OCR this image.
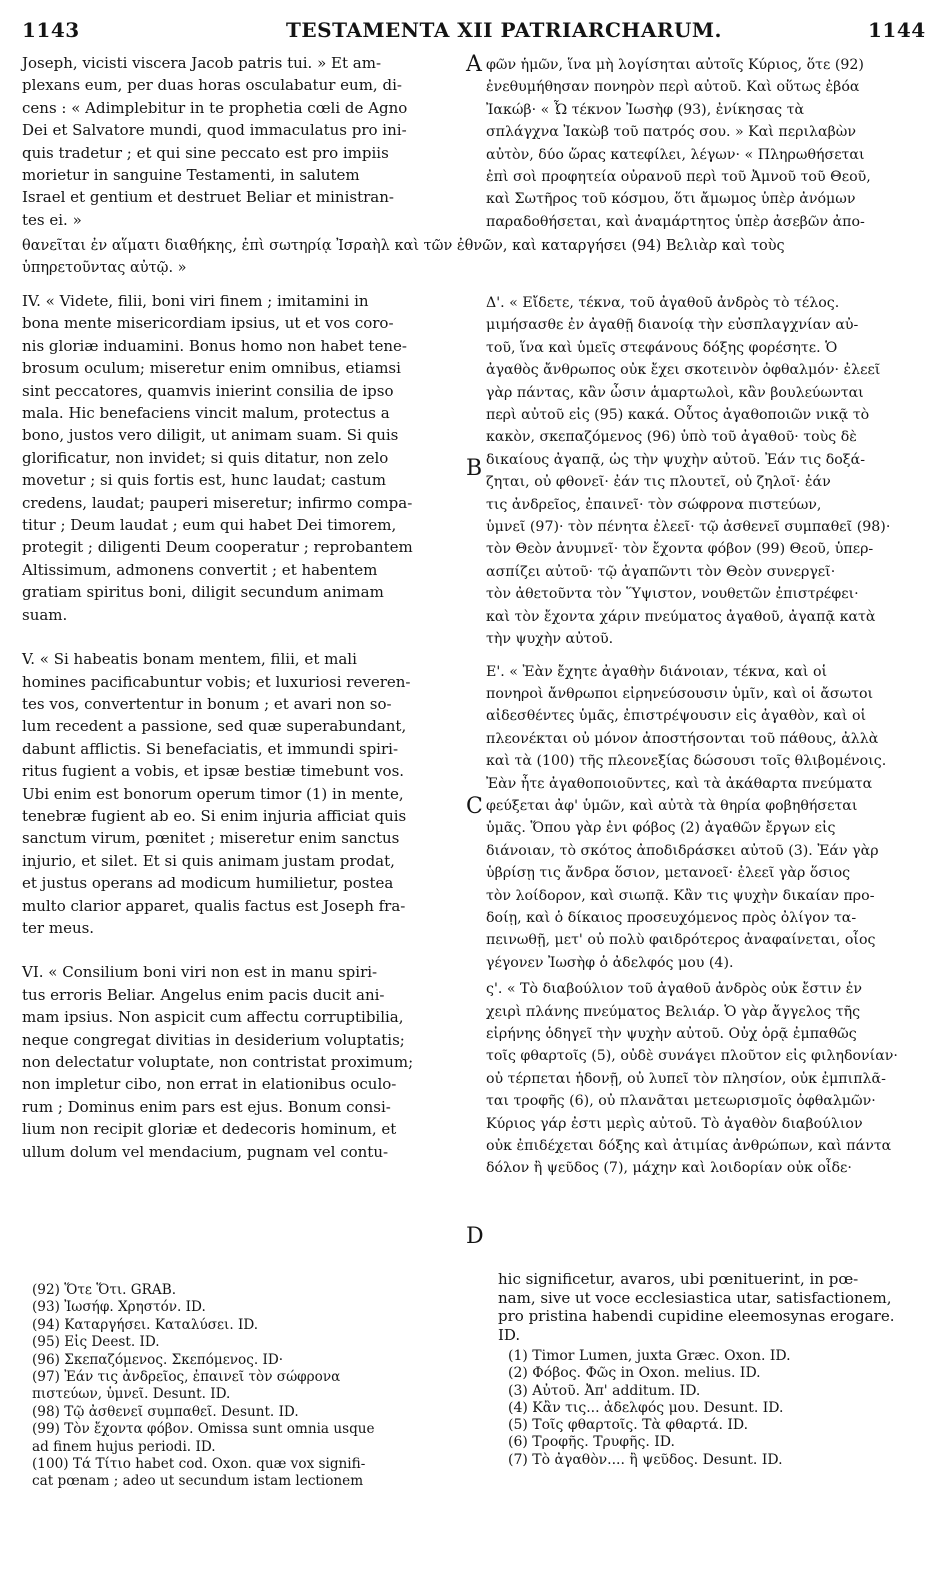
1143	TESTAMENTA XII PATRIARCHARUM.	1144
A
B
C
D

Joseph, vicisti viscera Jacob patris tui. » Et am-

plexans eum, per duas horas osculabatur eum, di-

cens : « Adimplebitur in te prophetia cœli de Agno

Dei et Salvatore mundi, quod immaculatus pro ini-

quis tradetur ; et qui sine peccato est pro impiis

morietur in sanguine Testamenti, in salutem

Israel et gentium et destruet Beliar et ministran-

tes ei. »

φῶν ἡμῶν, ἵνα μὴ λογίσηται αὐτοῖς Κύριος, ὅτε (92)

ἐνεθυμήθησαν πονηρὸν περὶ αὐτοῦ. Καὶ οὕτως ἐβόα

Ἰακώβ· « Ὦ τέκνον Ἰωσὴφ (93), ἐνίκησας τὰ

σπλάγχνα Ἰακὼβ τοῦ πατρός σου. » Καὶ περιλαβὼν

αὐτὸν, δύο ὥρας κατεφίλει, λέγων· « Πληρωθήσεται

ἐπὶ σοὶ προφητεία οὐρανοῦ περὶ τοῦ Ἀμνοῦ τοῦ Θεοῦ,

καὶ Σωτῆρος τοῦ κόσμου, ὅτι ἄμωμος ὑπὲρ ἀνόμων

παραδοθήσεται, καὶ ἀναμάρτητος ὑπὲρ ἀσεβῶν ἀπο-

θανεῖται ἐν αἵματι διαθήκης, ἐπὶ σωτηρίᾳ Ἰσραὴλ καὶ τῶν ἐθνῶν, καὶ καταργήσει (94) Βελιὰρ καὶ τοὺς
ὑπηρετοῦντας αὐτῷ. »

IV. « Videte, filii, boni viri finem ; imitamini in

bona mente misericordiam ipsius, ut et vos coro-

nis gloriæ induamini. Bonus homo non habet tene-

brosum oculum; miseretur enim omnibus, etiamsi

sint peccatores, quamvis inierint consilia de ipso

mala. Hic benefaciens vincit malum, protectus a

bono, justos vero diligit, ut animam suam. Si quis

glorificatur, non invidet; si quis ditatur, non zelo

movetur ; si quis fortis est, hunc laudat; castum

credens, laudat; pauperi miseretur; infirmo compa-

titur ; Deum laudat ; eum qui habet Dei timorem,

protegit ; diligenti Deum cooperatur ; reprobantem

Altissimum, admonens convertit ; et habentem

gratiam spiritus boni, diligit secundum animam

suam.

V. « Si habeatis bonam mentem, filii, et mali

homines pacificabuntur vobis; et luxuriosi reveren-

tes vos, convertentur in bonum ; et avari non so-

lum recedent a passione, sed quæ superabundant,

dabunt afflictis. Si benefaciatis, et immundi spiri-

ritus fugient a vobis, et ipsæ bestiæ timebunt vos.

Ubi enim est bonorum operum timor (1) in mente,

tenebræ fugient ab eo. Si enim injuria afficiat quis

sanctum virum, pœnitet ; miseretur enim sanctus

injurio, et silet. Et si quis animam justam prodat,

et justus operans ad modicum humilietur, postea

multo clarior apparet, qualis factus est Joseph fra-

ter meus.

VI. « Consilium boni viri non est in manu spiri-

tus erroris Beliar. Angelus enim pacis ducit ani-

mam ipsius. Non aspicit cum affectu corruptibilia,

neque congregat divitias in desiderium voluptatis;

non delectatur voluptate, non contristat proximum;

non impletur cibo, non errat in elationibus oculo-

rum ; Dominus enim pars est ejus. Bonum consi-

lium non recipit gloriæ et dedecoris hominum, et

ullum dolum vel mendacium, pugnam vel contu-

Δ'. « Εἴδετε, τέκνα, τοῦ ἀγαθοῦ ἀνδρὸς τὸ τέλος.

μιμήσασθε ἐν ἀγαθῇ διανοίᾳ τὴν εὐσπλαγχνίαν αὐ-

τοῦ, ἵνα καὶ ὑμεῖς στεφάνους δόξης φορέσητε. Ὁ

ἀγαθὸς ἄνθρωπος οὐκ ἔχει σκοτεινὸν ὀφθαλμόν· ἐλεεῖ

γὰρ πάντας, κἂν ὦσιν ἁμαρτωλοὶ, κἂν βουλεύωνται

περὶ αὐτοῦ εἰς (95) κακά. Οὗτος ἀγαθοποιῶν νικᾷ τὸ

κακὸν, σκεπαζόμενος (96) ὑπὸ τοῦ ἀγαθοῦ· τοὺς δὲ

δικαίους ἀγαπᾷ, ὡς τὴν ψυχὴν αὐτοῦ. Ἐάν τις δοξά-

ζηται, οὐ φθονεῖ· ἐάν τις πλουτεῖ, οὐ ζηλοῖ· ἐάν

τις ἀνδρεῖος, ἐπαινεῖ· τὸν σώφρονα πιστεύων,

ὑμνεῖ (97)· τὸν πένητα ἐλεεῖ· τῷ ἀσθενεῖ συμπαθεῖ (98)·

τὸν Θεὸν ἀνυμνεῖ· τὸν ἔχοντα φόβον (99) Θεοῦ, ὑπερ-

ασπίζει αὐτοῦ· τῷ ἀγαπῶντι τὸν Θεὸν συνεργεῖ·

τὸν ἀθετοῦντα τὸν Ὕψιστον, νουθετῶν ἐπιστρέφει·

καὶ τὸν ἔχοντα χάριν πνεύματος ἀγαθοῦ, ἀγαπᾷ κατὰ

τὴν ψυχὴν αὐτοῦ.

Ε'. « Ἐὰν ἔχητε ἀγαθὴν διάνοιαν, τέκνα, καὶ οἱ

πονηροὶ ἄνθρωποι εἰρηνεύσουσιν ὑμῖν, καὶ οἱ ἄσωτοι

αἰδεσθέντες ὑμᾶς, ἐπιστρέψουσιν εἰς ἀγαθὸν, καὶ οἱ

πλεονέκται οὐ μόνον ἀποστήσονται τοῦ πάθους, ἀλλὰ

καὶ τὰ (100) τῆς πλεονεξίας δώσουσι τοῖς θλιβομένοις.

Ἐὰν ἦτε ἀγαθοποιοῦντες, καὶ τὰ ἀκάθαρτα πνεύματα

φεύξεται ἀφ' ὑμῶν, καὶ αὐτὰ τὰ θηρία φοβηθήσεται

ὑμᾶς. Ὅπου γὰρ ἐνι φόβος (2) ἀγαθῶν ἔργων εἰς

διάνοιαν, τὸ σκότος ἀποδιδράσκει αὐτοῦ (3). Ἐάν γὰρ

ὑβρίσῃ τις ἄνδρα ὅσιον, μετανοεῖ· ἐλεεῖ γὰρ ὅσιος

τὸν λοίδορον, καὶ σιωπᾷ. Κἂν τις ψυχὴν δικαίαν προ-

δοίῃ, καὶ ὁ δίκαιος προσευχόμενος πρὸς ὀλίγον τα-

πεινωθῇ, μετ' οὐ πολὺ φαιδρότερος ἀναφαίνεται, οἷος

γέγονεν Ἰωσὴφ ὁ ἀδελφός μου (4).

ς'. « Τὸ διαβούλιον τοῦ ἀγαθοῦ ἀνδρὸς οὐκ ἔστιν ἐν

χειρὶ πλάνης πνεύματος Βελιάρ. Ὁ γὰρ ἄγγελος τῆς

εἰρήνης ὁδηγεῖ τὴν ψυχὴν αὐτοῦ. Οὐχ ὁρᾷ ἐμπαθῶς

τοῖς φθαρτοῖς (5), οὐδὲ συνάγει πλοῦτον εἰς φιληδονίαν·

οὐ τέρπεται ἡδονῇ, οὐ λυπεῖ τὸν πλησίον, οὐκ ἐμπιπλᾶ-

ται τροφῆς (6), οὐ πλανᾶται μετεωρισμοῖς ὀφθαλμῶν·

Κύριος γάρ ἐστι μερὶς αὐτοῦ. Τὸ ἀγαθὸν διαβούλιον

οὐκ ἐπιδέχεται δόξης καὶ ἀτιμίας ἀνθρώπων, καὶ πάντα

δόλον ἢ ψεῦδος (7), μάχην καὶ λοιδορίαν οὐκ οἶδε·

(92) Ὅτε Ὅτι. GRAB.
(93) Ἰωσήφ. Χρηστόν. ID.
(94) Καταργήσει. Καταλύσει. ID.
(95) Εἰς Deest. ID.
(96) Σκεπαζόμενος. Σκεπόμενος. ID·
(97) Ἐάν τις ἀνδρεῖος, ἐπαινεῖ τὸν σώφρονα
πιστεύων, ὑμνεῖ. Desunt. ID.
(98) Τῷ ἀσθενεῖ συμπαθεῖ. Desunt. ID.
(99) Τὸν ἔχοντα φόβον. Omissa sunt omnia usque
ad finem hujus periodi. ID.
(100) Τά Τίτιο habet cod. Oxon. quæ vox signifi-
cat pœnam ; adeo ut secundum istam lectionem
hic significetur, avaros, ubi pœnituerint, in pœ-
nam, sive ut voce ecclesiastica utar, satisfactionem,
pro pristina habendi cupidine eleemosynas erogare.
ID.
(1) Timor Lumen, juxta Græc. Oxon. ID.
(2) Φόβος. Φῶς in Oxon. melius. ID.
(3) Αὐτοῦ. Ἀπ' additum. ID.
(4) Κἂν τις... ἀδελφός μου. Desunt. ID.
(5) Τοῖς φθαρτοῖς. Τὰ φθαρτά. ID.
(6) Τροφῆς. Τρυφῆς. ID.
(7) Τὸ ἀγαθὸν.... ἢ ψεῦδος. Desunt. ID.
